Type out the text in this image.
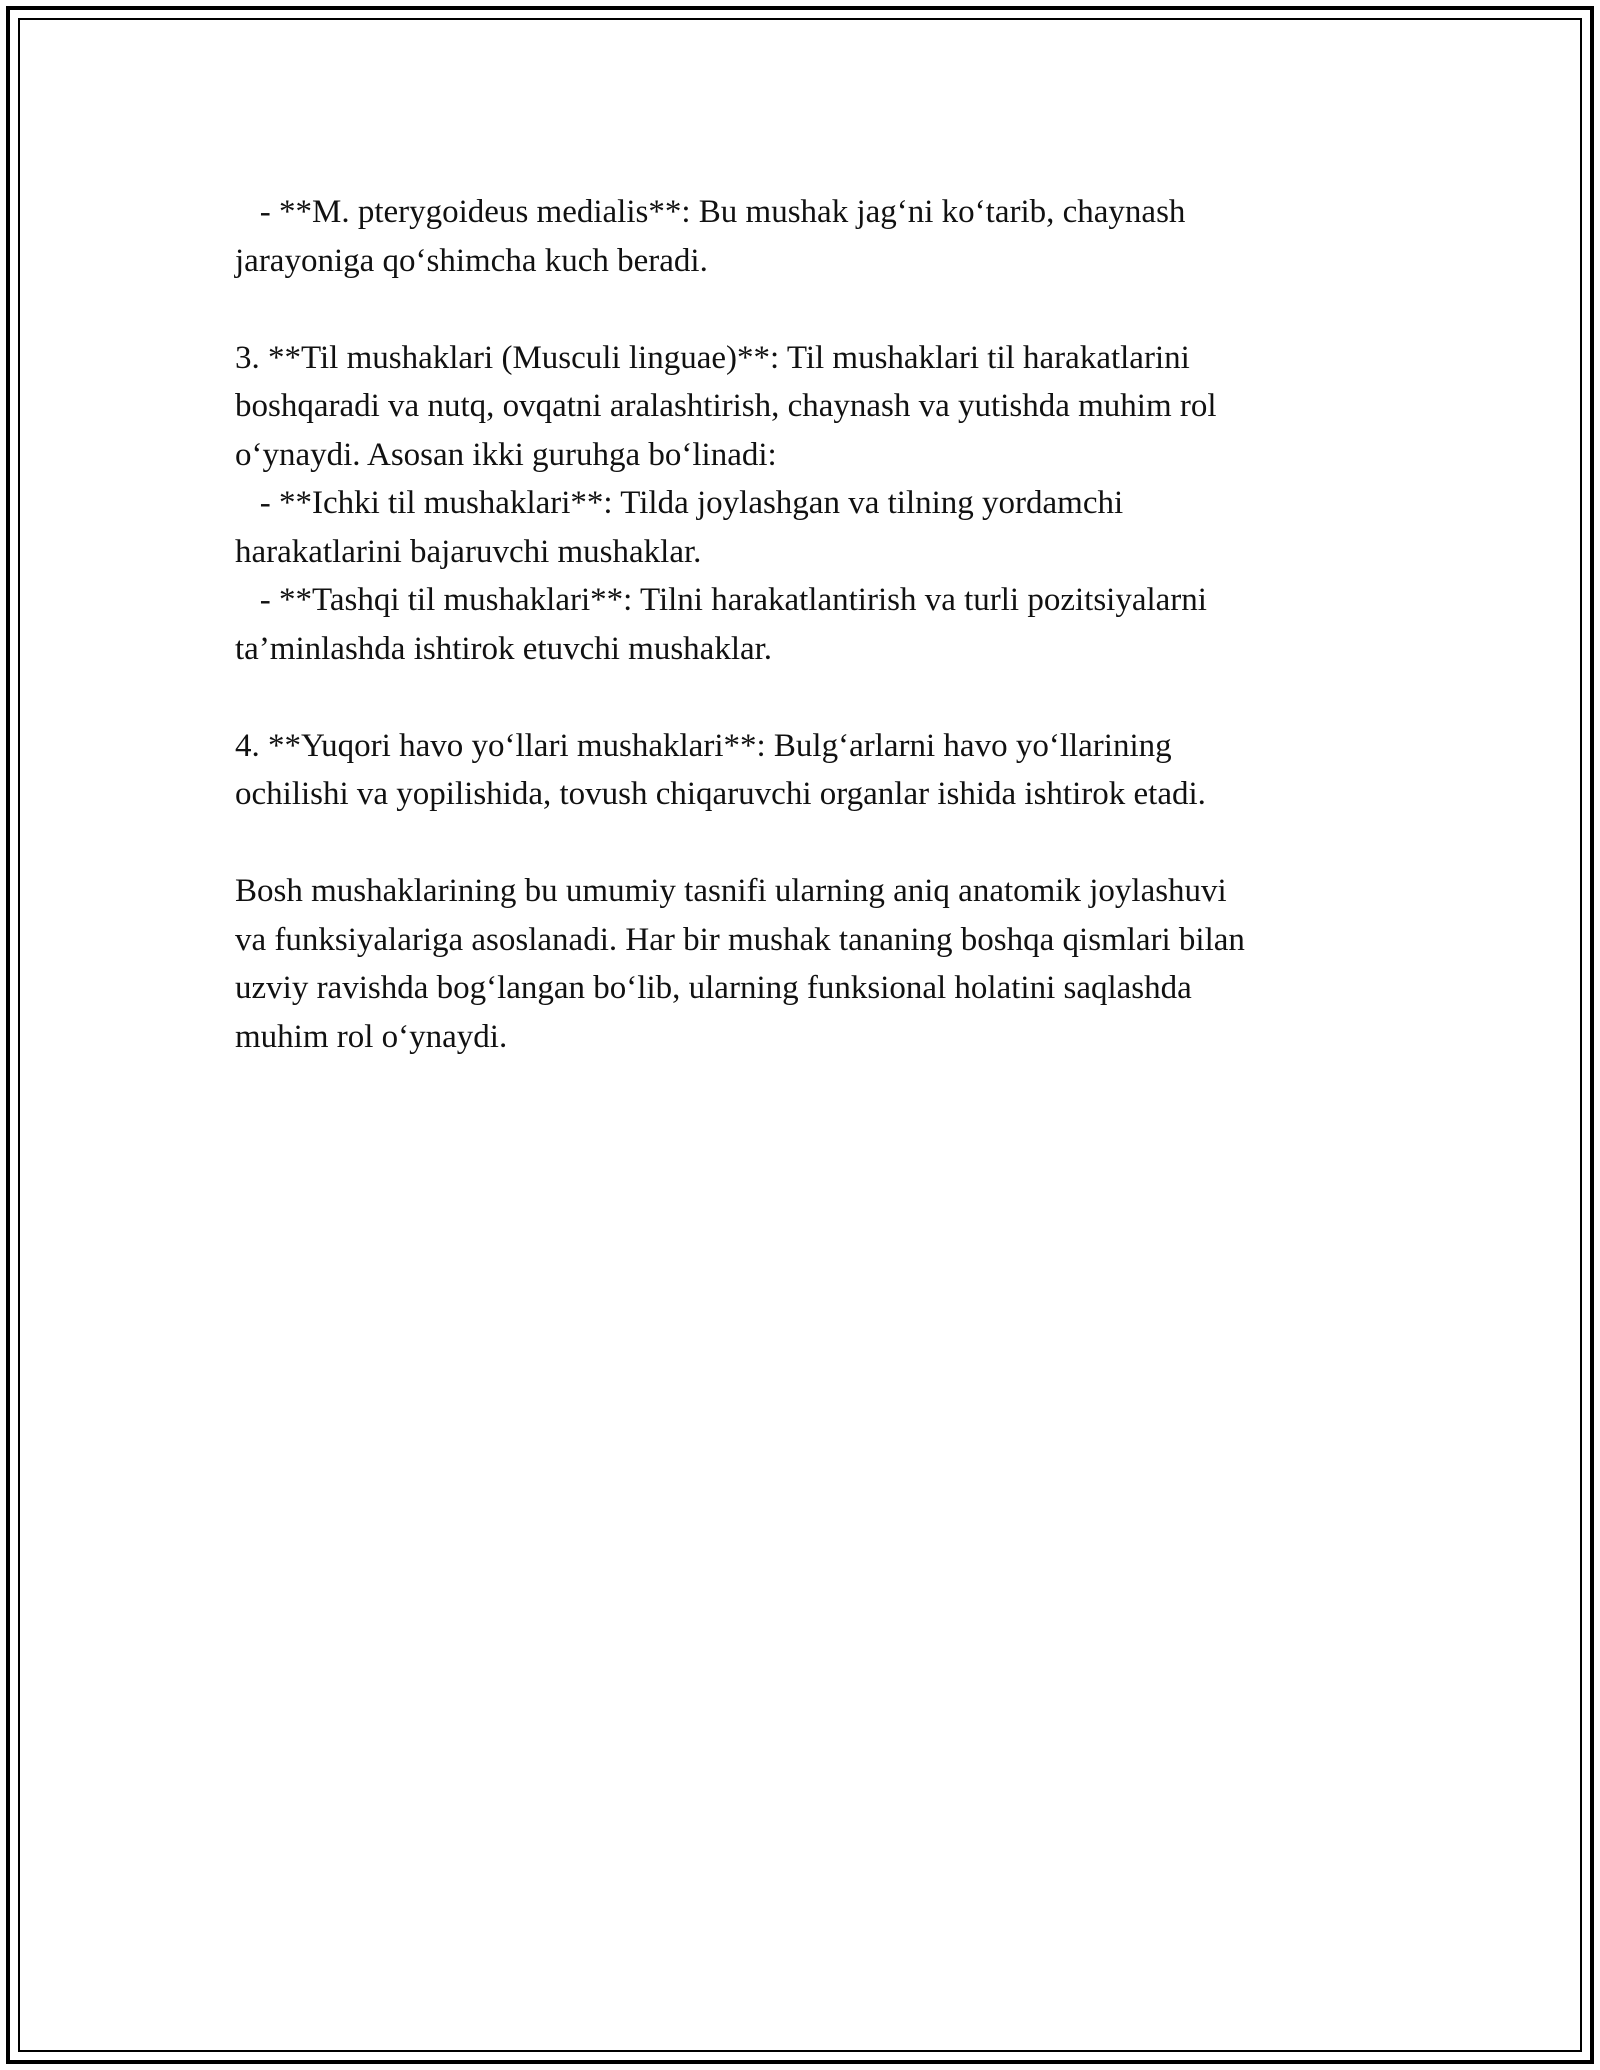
- **M. pterygoideus medialis**: Bu mushak jag‘ni ko‘tarib, chaynash
jarayoniga qo‘shimcha kuch beradi.
3. **Til mushaklari (Musculi linguae)**: Til mushaklari til harakatlarini
boshqaradi va nutq, ovqatni aralashtirish, chaynash va yutishda muhim rol
o‘ynaydi. Asosan ikki guruhga bo‘linadi:
- **Ichki til mushaklari**: Tilda joylashgan va tilning yordamchi
harakatlarini bajaruvchi mushaklar.
- **Tashqi til mushaklari**: Tilni harakatlantirish va turli pozitsiyalarni
ta’minlashda ishtirok etuvchi mushaklar.
4. **Yuqori havo yo‘llari mushaklari**: Bulg‘arlarni havo yo‘llarining
ochilishi va yopilishida, tovush chiqaruvchi organlar ishida ishtirok etadi.
Bosh mushaklarining bu umumiy tasnifi ularning aniq anatomik joylashuvi
va funksiyalariga asoslanadi. Har bir mushak tananing boshqa qismlari bilan
uzviy ravishda bog‘langan bo‘lib, ularning funksional holatini saqlashda
muhim rol o‘ynaydi.
